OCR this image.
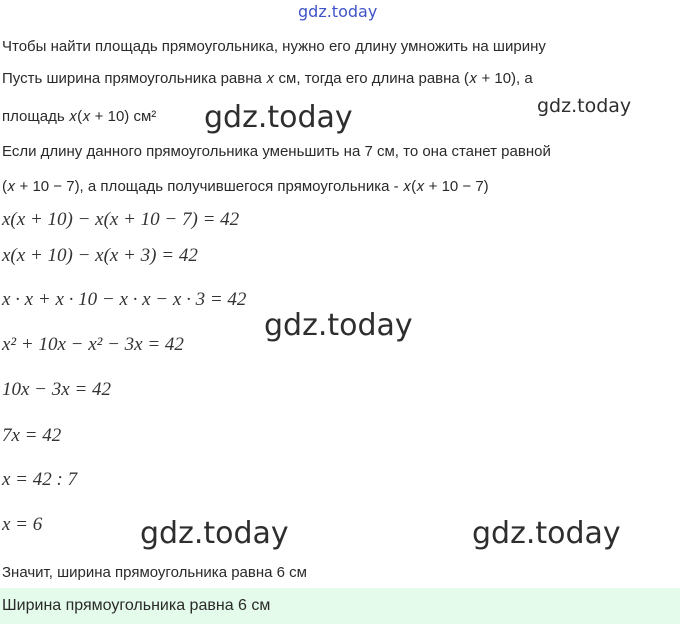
gdz.today
Чтобы найти площадь прямоугольника, нужно его длину умножить на ширину
Пусть ширина прямоугольника равна 𝑥 см, тогда его длина равна (𝑥 + 10), а
gdz.today
площадь 𝑥(𝑥 + 10) см² gdz.today
Если длину данного прямоугольника уменьшить на 7 см, то она станет равной
(𝑥 + 10 − 7), а площадь получившегося прямоугольника - 𝑥(𝑥 + 10 − 7)
x(x + 10) − x(x + 10 − 7) = 42
x(x + 10) − x(x + 3) = 42
x · x + x · 10 − x · x − x · 3 = 42
gdz.today
x² + 10x − x² − 3x = 42
10x − 3x = 42
7x = 42
x = 42 : 7
x = 6	gdz.today	gdz.today
Значит, ширина прямоугольника равна 6 см
Ширина прямоугольника равна 6 см
